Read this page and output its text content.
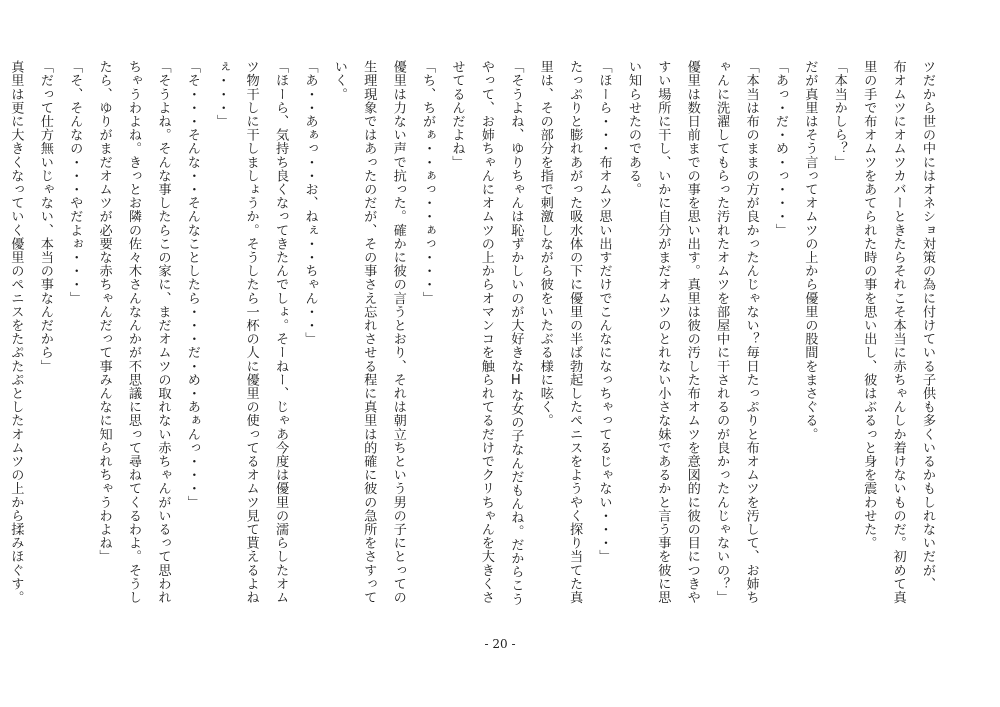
ツだから世の中にはオネショ対策の為に付けている子供も多くいるかもしれないだが、

布オムツにオムツカバーときたらそれこそ本当に赤ちゃんしか着けないものだ。初めて真

里の手で布オムツをあてられた時の事を思い出し、彼はぶるっと身を震わせた。

「本当かしら？」

だが真里はそう言ってオムツの上から優里の股間をまさぐる。

「あっ・だ・め・っ・・・」

「本当は布のままの方が良かったんじゃない？毎日たっぷりと布オムツを汚して、お姉ち

ゃんに洗濯してもらった汚れたオムツを部屋中に干されるのが良かったんじゃないの？」

優里は数日前までの事を思い出す。真里は彼の汚した布オムツを意図的に彼の目につきや

すい場所に干し、いかに自分がまだオムツのとれない小さな妹であるかと言う事を彼に思

い知らせたのである。

「ほーら・・・布オムツ思い出すだけでこんなになっちゃってるじゃない・・・」

たっぷりと膨れあがった吸水体の下に優里の半ば勃起したペニスをようやく探り当てた真

里は、その部分を指で刺激しながら彼をいたぶる様に呟く。

「そうよね、ゆりちゃんは恥ずかしいのが大好きなHな女の子なんだもんね。だからこう

やって、お姉ちゃんにオムツの上からオマンコを触られてるだけでクリちゃんを大きくさ

せてるんだよね」

「ち、ちがぁ・・ぁっ・・ぁっ・・・」

優里は力ない声で抗った。確かに彼の言うとおり、それは朝立ちという男の子にとっての

生理現象ではあったのだが、その事さえ忘れさせる程に真里は的確に彼の急所をさすって

いく。

「あ・・あぁっ・・お、ねぇ・・ちゃん・・」

「ほーら、気持ち良くなってきたんでしょ。そーねー、じゃあ今度は優里の濡らしたオム

ツ物干しに干しましょうか。そうしたら一杯の人に優里の使ってるオムツ見て貰えるよね

ぇ・・・」

「そ・・・そんな・・そんなことしたら・・・だ・め・あぁんっ・・・」

「そうよね。そんな事したらこの家に、まだオムツの取れない赤ちゃんがいるって思われ

ちゃうわよね。きっとお隣の佐々木さんなんかが不思議に思って尋ねてくるわよ。そうし

たら、ゆりがまだオムツが必要な赤ちゃんだって事みんなに知られちゃうわよね」

「そ、そんなの・・・やだよぉ・・・」

「だって仕方無いじゃない、本当の事なんだから」

真里は更に大きくなっていく優里のペニスをたぷたぷとしたオムツの上から揉みほぐす。

- 20 -
